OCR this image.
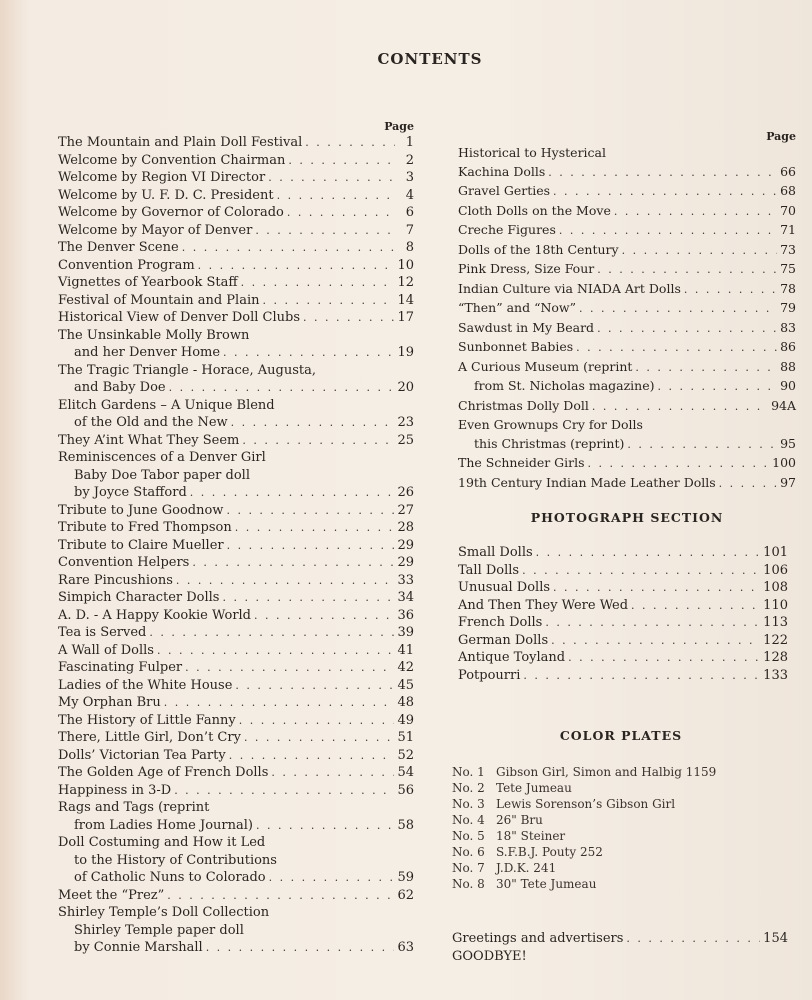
CONTENTS
Page
The Mountain and Plain Doll Festival . . .	1
Welcome by Convention Chairman . . .	2
Welcome by Region VI Director . . .	3
Welcome by U. F. D. C. President . . .	4
Welcome by Governor of Colorado . . .	6
Welcome by Mayor of Denver . . .	7
The Denver Scene . . .	8
Convention Program . . .	10
Vignettes of Yearbook Staff . . .	12
Festival of Mountain and Plain . . .	14
Historical View of Denver Doll Clubs . . .	17
The Unsinkable Molly Brown
and her Denver Home . . .	19
The Tragic Triangle - Horace, Augusta,
and Baby Doe . . .	20
Elitch Gardens – A Unique Blend
of the Old and the New . . .	23
They A’int What They Seem . . .	25
Reminiscences of a Denver Girl
Baby Doe Tabor paper doll
by Joyce Stafford . . .	26
Tribute to June Goodnow . . .	27
Tribute to Fred Thompson . . .	28
Tribute to Claire Mueller . . .	29
Convention Helpers . . .	29
Rare Pincushions . . .	33
Simpich Character Dolls . . .	34
A. D. - A Happy Kookie World . . .	36
Tea is Served . . .	39
A Wall of Dolls . . .	41
Fascinating Fulper . . .	42
Ladies of the White House . . .	45
My Orphan Bru . . .	48
The History of Little Fanny . . .	49
There, Little Girl, Don’t Cry . . .	51
Dolls’ Victorian Tea Party . . .	52
The Golden Age of French Dolls . . .	54
Happiness in 3-D . . .	56
Rags and Tags (reprint
from Ladies Home Journal) . . .	58
Doll Costuming and How it Led
to the History of Contributions
of Catholic Nuns to Colorado . . .	59
Meet the “Prez” . . .	62
Shirley Temple’s Doll Collection
Shirley Temple paper doll
by Connie Marshall . . .	63
Page
Historical to Hysterical
Kachina Dolls . . .	66
Gravel Gerties . . .	68
Cloth Dolls on the Move . . .	70
Creche Figures . . .	71
Dolls of the 18th Century . . .	73
Pink Dress, Size Four . . .	75
Indian Culture via NIADA Art Dolls . . .	78
“Then” and “Now” . . .	79
Sawdust in My Beard . . .	83
Sunbonnet Babies . . .	86
A Curious Museum (reprint . . .	88
from St. Nicholas magazine) . . .	90
Christmas Dolly Doll . . .	94A
Even Grownups Cry for Dolls
this Christmas (reprint) . . .	95
The Schneider Girls . . .	100
19th Century Indian Made Leather Dolls . . .	97
PHOTOGRAPH SECTION
Small Dolls . . .	101
Tall Dolls . . .	106
Unusual Dolls . . .	108
And Then They Were Wed . . .	110
French Dolls . . .	113
German Dolls . . .	122
Antique Toyland . . .	128
Potpourri . . .	133
COLOR PLATES
No. 1 Gibson Girl, Simon and Halbig 1159
No. 2 Tete Jumeau
No. 3 Lewis Sorenson’s Gibson Girl
No. 4 26" Bru
No. 5 18" Steiner
No. 6 S.F.B.J. Pouty 252
No. 7 J.D.K. 241
No. 8 30" Tete Jumeau
Greetings and advertisers . . .	154
GOODBYE!
